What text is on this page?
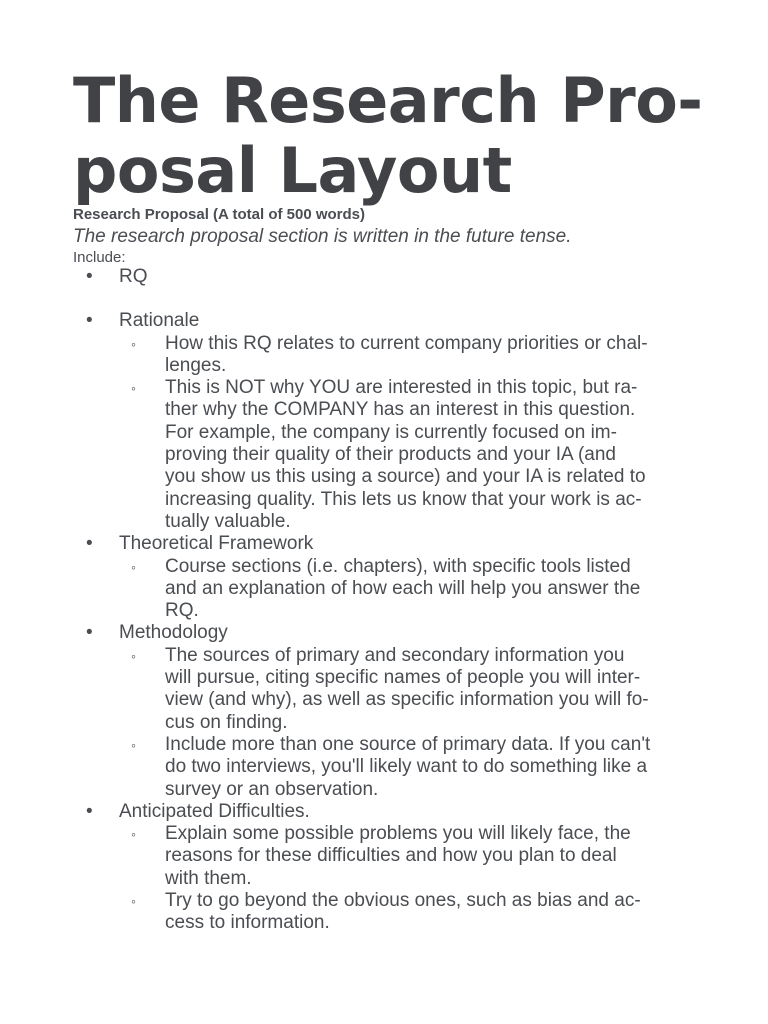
The Research Pro-
posal Layout

Research Proposal (A total of 500 words)

The research proposal section is written in the future tense.

Include:

•	RQ
•	Rationale
◦ How this RQ relates to current company priorities or chal-
lenges.
◦ This is NOT why YOU are interested in this topic, but ra-
ther why the COMPANY has an interest in this question.
For example, the company is currently focused on im-
proving their quality of their products and your IA (and
you show us this using a source) and your IA is related to
increasing quality. This lets us know that your work is ac-
tually valuable.
•	Theoretical Framework
◦ Course sections (i.e. chapters), with specific tools listed
and an explanation of how each will help you answer the
RQ.
•	Methodology
◦ The sources of primary and secondary information you
will pursue, citing specific names of people you will inter-
view (and why), as well as specific information you will fo-
cus on finding.
◦ Include more than one source of primary data. If you can't
do two interviews, you'll likely want to do something like a
survey or an observation.
•	Anticipated Difficulties.
◦ Explain some possible problems you will likely face, the
reasons for these difficulties and how you plan to deal
with them.
◦ Try to go beyond the obvious ones, such as bias and ac-
cess to information.
